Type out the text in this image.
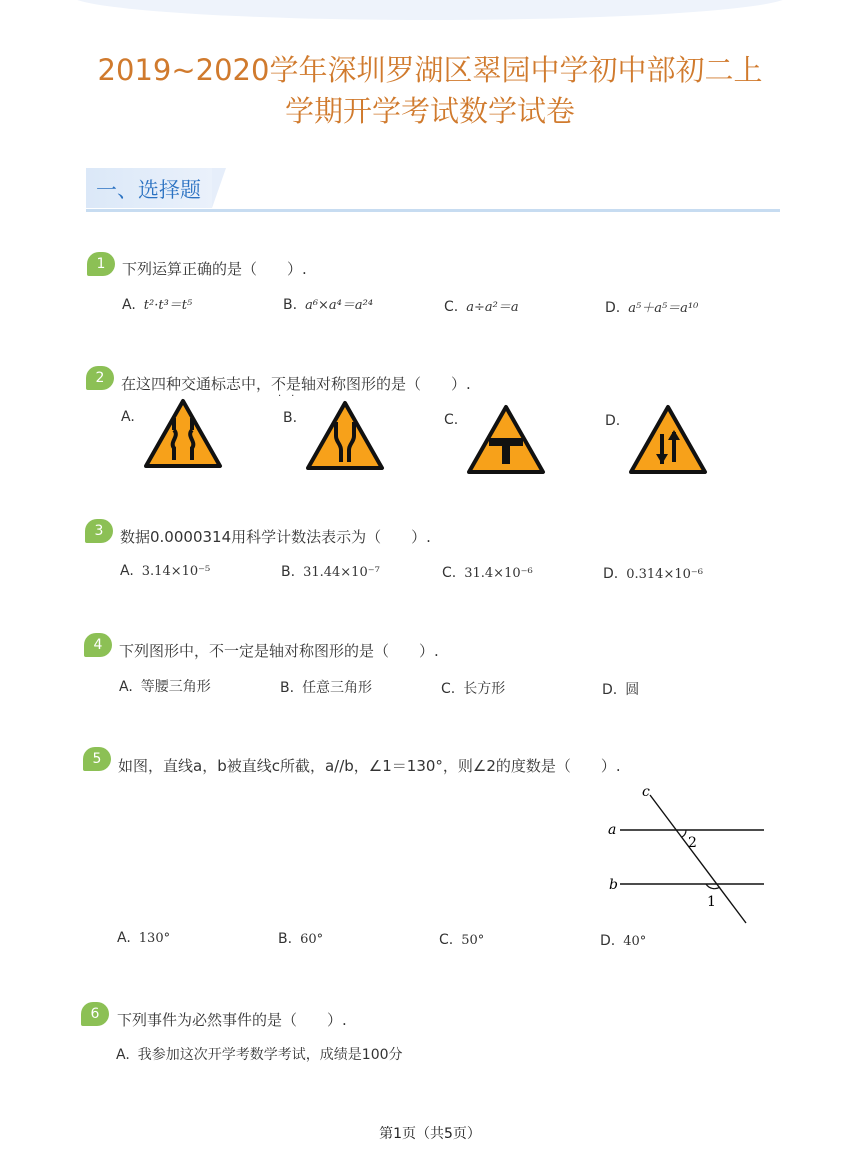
2019~2020学年深圳罗湖区翠园中学初中部初二上
学期开学考试数学试卷
一、选择题
1	下列运算正确的是（　　）.
A. t²·t³＝t⁵	B. a⁶×a⁴＝a²⁴	C. a÷a²＝a	D. a⁵＋a⁵＝a¹⁰
2	在这四种交通标志中，不是轴对称图形的是（　　）.
·　·
A.	B.	C.	D.
3	数据0.0000314用科学计数法表示为（　　）.
A. 3.14×10⁻⁵	B. 31.44×10⁻⁷	C. 31.4×10⁻⁶	D. 0.314×10⁻⁶
4	下列图形中，不一定是轴对称图形的是（　　）.
A. 等腰三角形	B. 任意三角形	C. 长方形	D. 圆
5	如图，直线a，b被直线c所截，a//b，∠1＝130°，则∠2的度数是（　　）.
c
a
b
2
1
A. 130°	B. 60°	C. 50°	D. 40°
6	下列事件为必然事件的是（　　）.
A. 我参加这次开学考数学考试，成绩是100分
第1页（共5页）
